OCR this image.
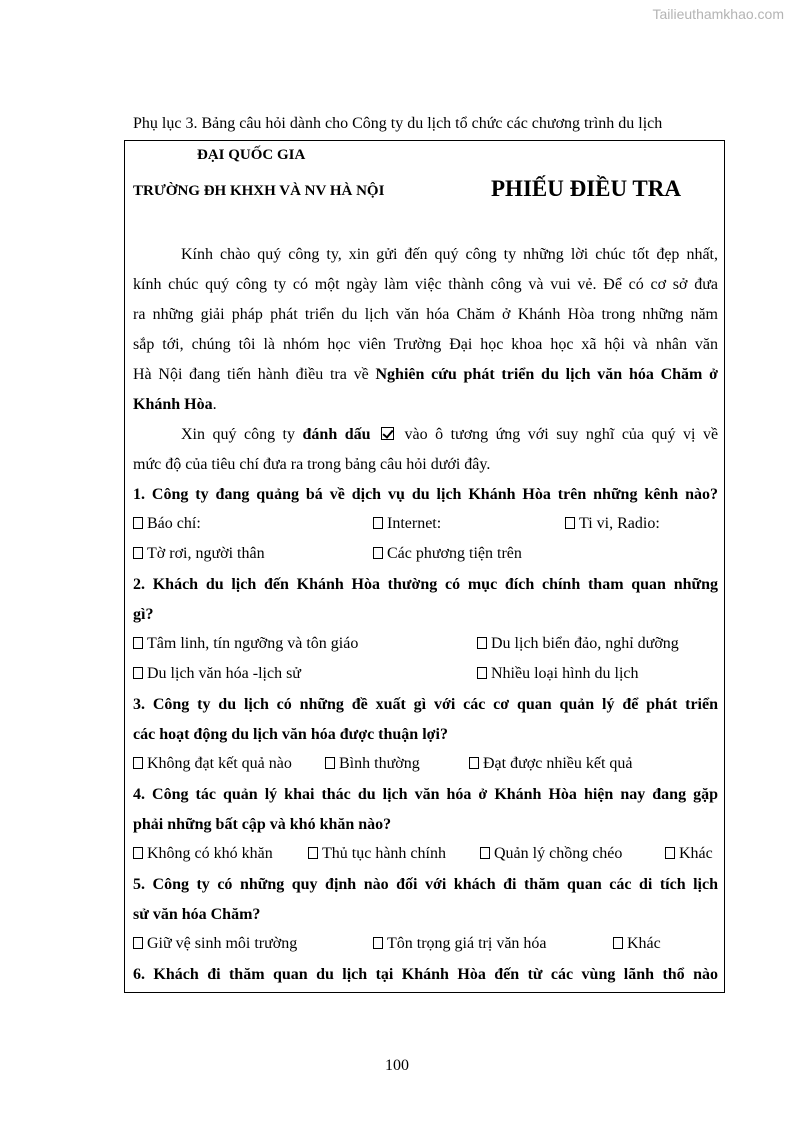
Tailieuthamkhao.com
Phụ lục 3. Bảng câu hỏi dành cho Công ty du lịch tổ chức các chương trình du lịch
ĐẠI QUỐC GIA
TRƯỜNG ĐH KHXH VÀ NV HÀ NỘI	PHIẾU ĐIỀU TRA
Kính chào quý công ty, xin gửi đến quý công ty những lời chúc tốt đẹp nhất,
kính chúc quý công ty có một ngày làm việc thành công và vui vẻ. Để có cơ sở đưa
ra những giải pháp phát triển du lịch văn hóa Chăm ở Khánh Hòa trong những năm
sắp tới, chúng tôi là nhóm học viên Trường Đại học khoa học xã hội và nhân văn
Hà Nội đang tiến hành điều tra về Nghiên cứu phát triển du lịch văn hóa Chăm ở
Khánh Hòa.
Xin quý công ty đánh dấu vào ô tương ứng với suy nghĩ của quý vị về
mức độ của tiêu chí đưa ra trong bảng câu hỏi dưới đây.
1. Công ty đang quảng bá về dịch vụ du lịch Khánh Hòa trên những kênh nào?
Báo chí:	Internet:	Ti vi, Radio:
Tờ rơi, người thân	Các phương tiện trên
2. Khách du lịch đến Khánh Hòa thường có mục đích chính tham quan những
gì?
Tâm linh, tín ngưỡng và tôn giáo	Du lịch biển đảo, nghỉ dưỡng
Du lịch văn hóa -lịch sử	Nhiều loại hình du lịch
3. Công ty du lịch có những đề xuất gì với các cơ quan quản lý để phát triển
các hoạt động du lịch văn hóa được thuận lợi?
Không đạt kết quả nào	Bình thường	Đạt được nhiều kết quả
4. Công tác quản lý khai thác du lịch văn hóa ở Khánh Hòa hiện nay đang gặp
phải những bất cập và khó khăn nào?
Không có khó khăn	Thủ tục hành chính	Quản lý chồng chéo	Khác
5. Công ty có những quy định nào đối với khách đi thăm quan các di tích lịch
sử văn hóa Chăm?
Giữ vệ sinh môi trường	Tôn trọng giá trị văn hóa	Khác
6. Khách đi thăm quan du lịch tại Khánh Hòa đến từ các vùng lãnh thổ nào
100
